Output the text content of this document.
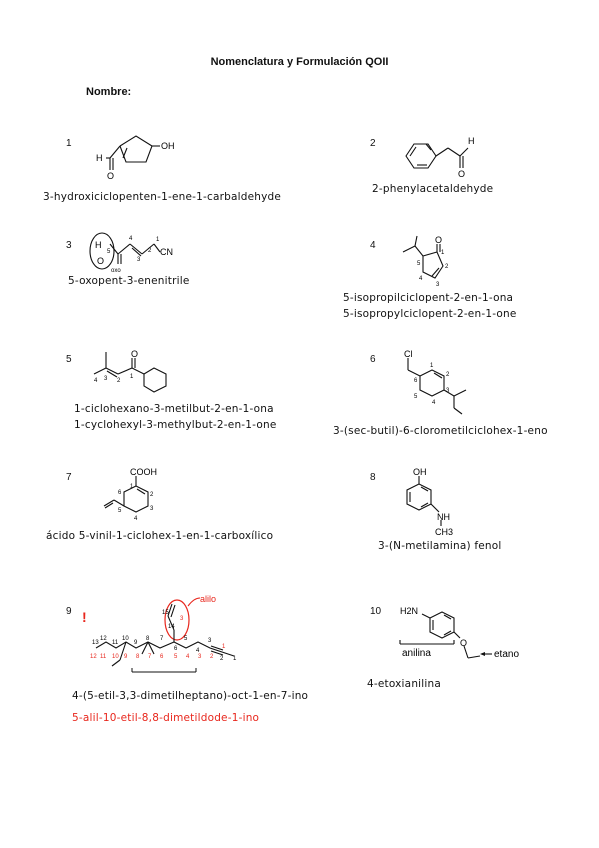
Nomenclatura y Formulación QOII
Nombre:
1	OH
H
O
3-hydroxiciclopenten-1-ene-1-carbaldehyde
2	H
O
2-phenylacetaldehyde
3	H
O
CN
oxo
5
4
3
2
1
5-oxopent-3-enenitrile
4	O
5
1
2
4
3
5-isopropilciclopent-2-en-1-ona
5-isopropylciclopent-2-en-1-one
5	O
4 3 2
1
1-ciclohexano-3-metilbut-2-en-1-ona
1-cyclohexyl-3-methylbut-2-en-1-one
6	Cl
6
1
2
3
4
5
3-(sec-butil)-6-clorometilciclohex-1-eno
7	COOH
1
2
3
4
5
6
ácido 5-vinil-1-ciclohex-1-en-1-carboxílico
8	OH
NH
CH3
3-(N-metilamina) fenol
9 !
alilo
1
2
3
4
5
6
7
8
9
10
11
12
13
14
15
1
2
3
4
5
6
7
8
9
10
11
12
3
4-(5-etil-3,3-dimetilheptano)-oct-1-en-7-ino
5-alil-10-etil-8,8-dimetildode-1-ino
10 H2N
O
anilina	etano
4-etoxianilina
